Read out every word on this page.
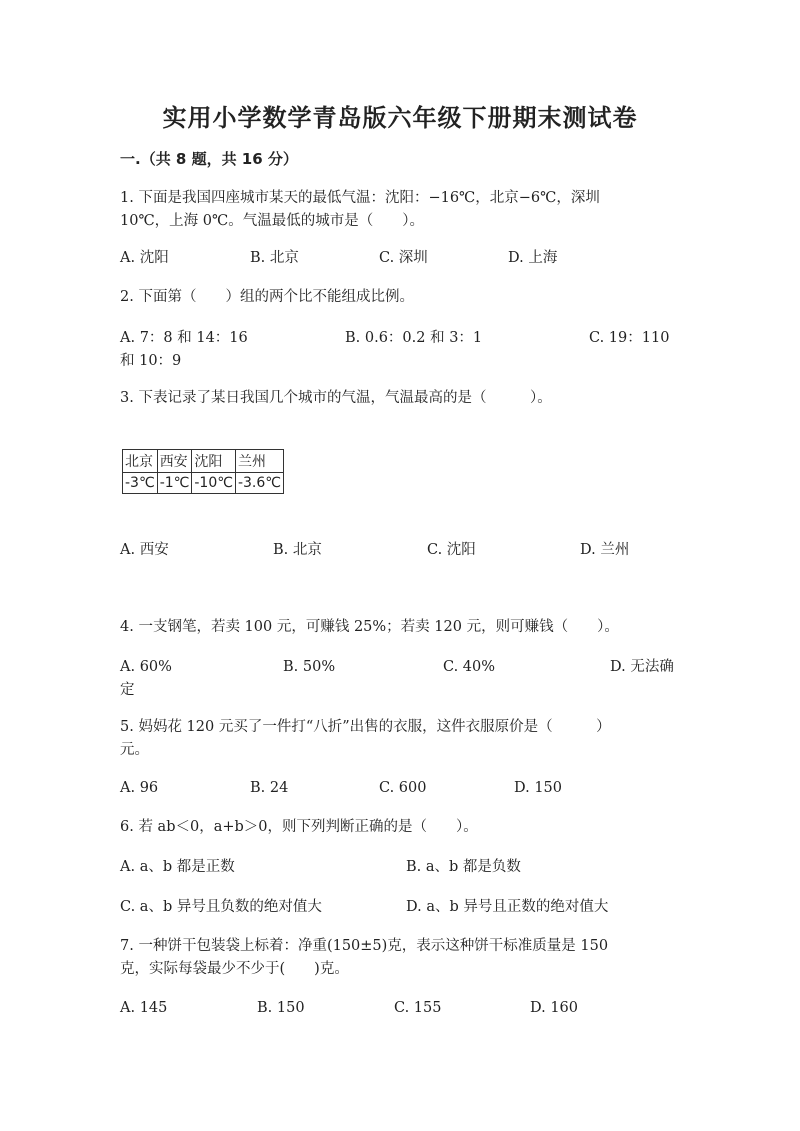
实用小学数学青岛版六年级下册期末测试卷
一.（共 8 题，共 16 分）
1. 下面是我国四座城市某天的最低气温：沈阳：−16℃，北京−6℃，深圳
10℃，上海 0℃。气温最低的城市是（　　）。
A. 沈阳	B. 北京	C. 深圳	D. 上海
2. 下面第（　　）组的两个比不能组成比例。
A. 7：8 和 14：16	B. 0.6：0.2 和 3：1	C. 19：110
和 10：9
3. 下表记录了某日我国几个城市的气温，气温最高的是（　　　）。
北京	西安	沈阳	兰州
-3℃	-1℃	-10℃	-3.6℃
A. 西安	B. 北京	C. 沈阳	D. 兰州
4. 一支钢笔，若卖 100 元，可赚钱 25%；若卖 120 元，则可赚钱（　　）。
A. 60%	B. 50%	C. 40%	D. 无法确
定
5. 妈妈花 120 元买了一件打“八折”出售的衣服，这件衣服原价是（　　　）
元。
A. 96	B. 24	C. 600	D. 150
6. 若 ab＜0，a+b＞0，则下列判断正确的是（　　）。
A. a、b 都是正数	B. a、b 都是负数
C. a、b 异号且负数的绝对值大	D. a、b 异号且正数的绝对值大
7. 一种饼干包装袋上标着：净重(150±5)克，表示这种饼干标准质量是 150
克，实际每袋最少不少于(　　)克。
A. 145	B. 150	C. 155	D. 160
